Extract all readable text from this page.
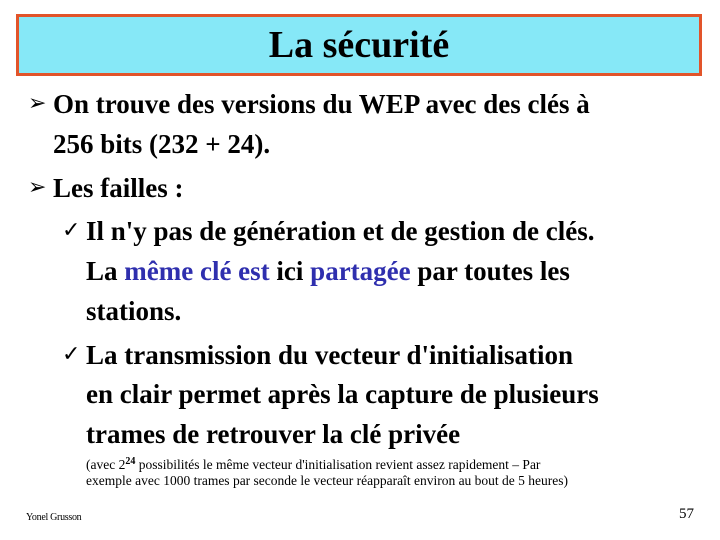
La sécurité
➢ On trouve des versions du WEP avec des clés à
256 bits (232 + 24).
➢ Les failles :
✓ Il n'y pas de génération et de gestion de clés.
La même clé est ici partagée par toutes les
stations.
✓ La transmission du vecteur d'initialisation
en clair permet après la capture de plusieurs
trames de retrouver la clé privée
(avec $2^{24}$ possibilités le même vecteur d'initialisation revient assez rapidement – Par
exemple avec 1000 trames par seconde le vecteur réapparaît environ au bout de 5 heures)
Yonel Grusson	57
